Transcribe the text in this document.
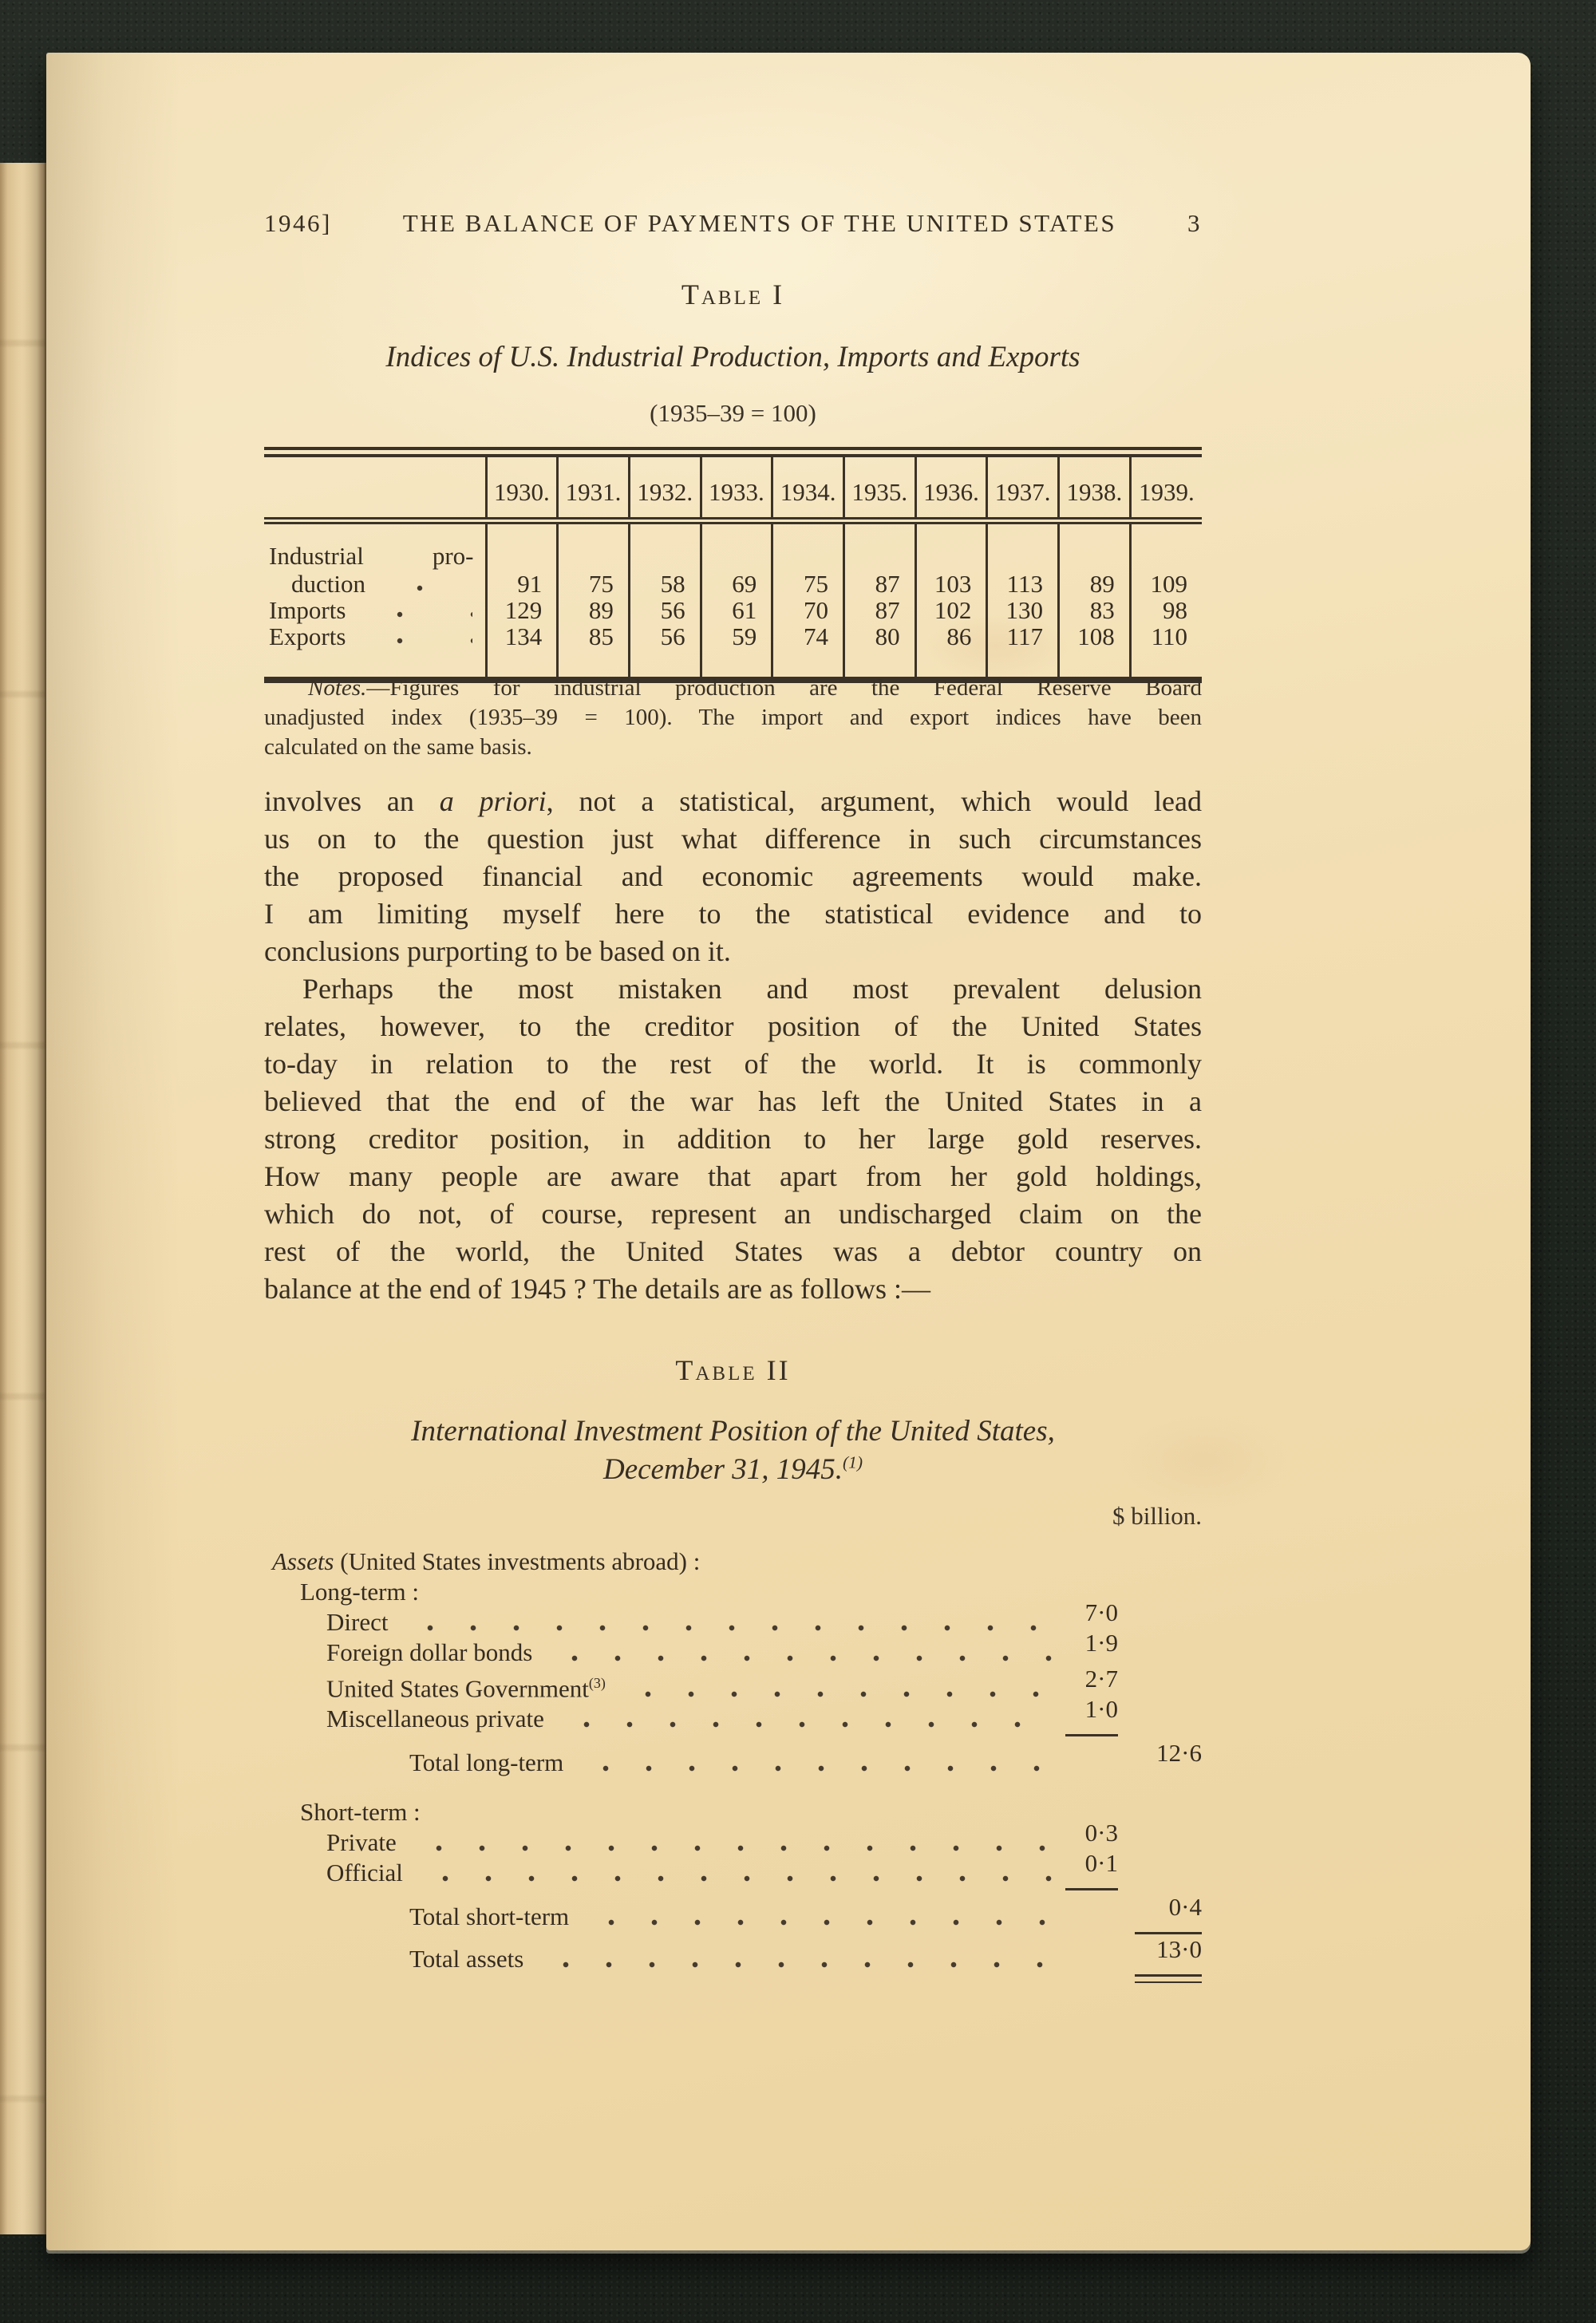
1946]	THE BALANCE OF PAYMENTS OF THE UNITED STATES	3
Table I
Indices of U.S. Industrial Production, Imports and Exports
(1935–39 = 100)
	1930.	1931.	1932.	1933.	1934.	1935.	1936.	1937.	1938.	1939.

Industrial pro-
duction	91	75	58	69	75	87	103	113	89	109

Imports	129	89	56	61	70	87	102	130	83	98

Exports	134	85	56	59	74	80	86	117	108	110
Notes.—Figures for industrial production are the Federal Reserve Board
unadjusted index (1935–39 = 100). The import and export indices have been
calculated on the same basis.
involves an a priori, not a statistical, argument, which would lead
us on to the question just what difference in such circumstances
the proposed financial and economic agreements would make.
I am limiting myself here to the statistical evidence and to
conclusions purporting to be based on it.
Perhaps the most mistaken and most prevalent delusion
relates, however, to the creditor position of the United States
to-day in relation to the rest of the world. It is commonly
believed that the end of the war has left the United States in a
strong creditor position, in addition to her large gold reserves.
How many people are aware that apart from her gold holdings,
which do not, of course, represent an undischarged claim on the
rest of the world, the United States was a debtor country on
balance at the end of 1945 ? The details are as follows :—
Table II
International Investment Position of the United States,
December 31, 1945.$^{(1)}$
$ billion.
Assets (United States investments abroad) :
Long-term :
Direct	7·0
Foreign dollar bonds	1·9
United States Government$^{(3)}$	2·7
Miscellaneous private	1·0
Total long-term	12·6
Short-term :
Private	0·3
Official	0·1
Total short-term	0·4
Total assets	13·0
